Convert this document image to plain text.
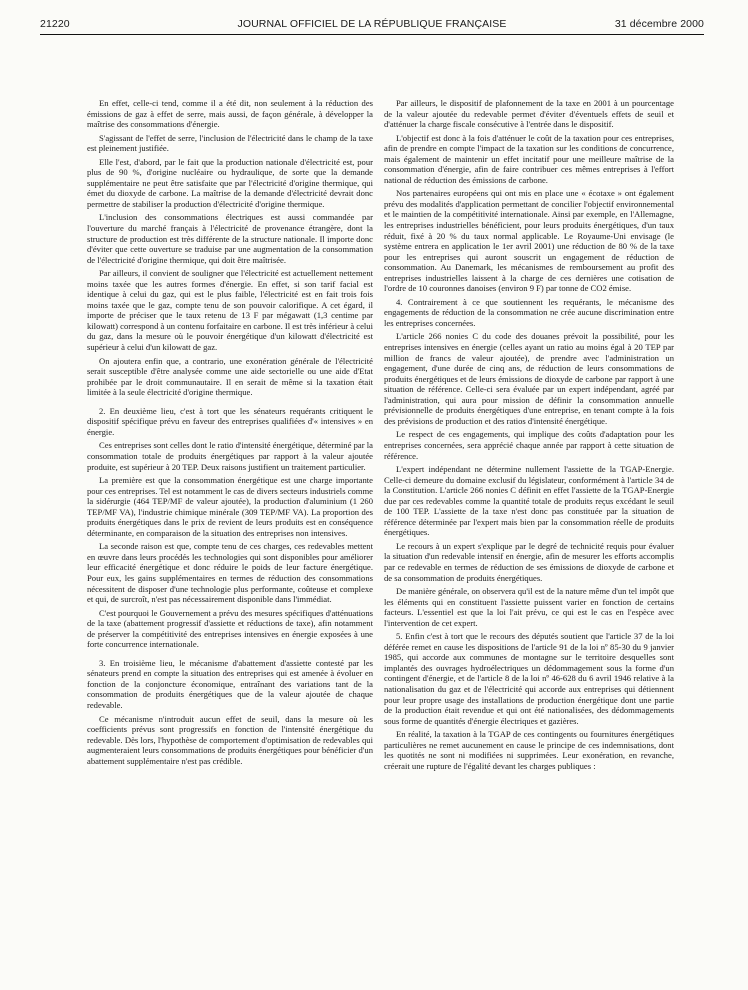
21220	JOURNAL OFFICIEL DE LA RÉPUBLIQUE FRANÇAISE	31 décembre 2000

En effet, celle-ci tend, comme il a été dit, non seulement à la réduction des émissions de gaz à effet de serre, mais aussi, de façon générale, à développer la maîtrise des consommations d'énergie.

S'agissant de l'effet de serre, l'inclusion de l'électricité dans le champ de la taxe est pleinement justifiée.

Elle l'est, d'abord, par le fait que la production nationale d'électricité est, pour plus de 90 %, d'origine nucléaire ou hydraulique, de sorte que la demande supplémentaire ne peut être satisfaite que par l'électricité d'origine thermique, qui émet du dioxyde de carbone. La maîtrise de la demande d'électricité devrait donc permettre de stabiliser la production d'électricité d'origine thermique.

L'inclusion des consommations électriques est aussi commandée par l'ouverture du marché français à l'électricité de provenance étrangère, dont la structure de production est très différente de la structure nationale. Il importe donc d'éviter que cette ouverture se traduise par une augmentation de la consommation de l'électricité d'origine thermique, qui doit être maîtrisée.

Par ailleurs, il convient de souligner que l'électricité est actuellement nettement moins taxée que les autres formes d'énergie. En effet, si son tarif facial est identique à celui du gaz, qui est le plus faible, l'électricité est en fait trois fois moins taxée que le gaz, compte tenu de son pouvoir calorifique. A cet égard, il importe de préciser que le taux retenu de 13 F par mégawatt (1,3 centime par kilowatt) correspond à un contenu forfaitaire en carbone. Il est très inférieur à celui du gaz, dans la mesure où le pouvoir énergétique d'un kilowatt d'électricité est supérieur à celui d'un kilowatt de gaz.

On ajoutera enfin que, a contrario, une exonération générale de l'électricité serait susceptible d'être analysée comme une aide sectorielle ou une aide d'Etat prohibée par le droit communautaire. Il en serait de même si la taxation était limitée à la seule électricité d'origine thermique.

2. En deuxième lieu, c'est à tort que les sénateurs requérants critiquent le dispositif spécifique prévu en faveur des entreprises qualifiées d'« intensives » en énergie.

Ces entreprises sont celles dont le ratio d'intensité énergétique, déterminé par la consommation totale de produits énergétiques par rapport à la valeur ajoutée produite, est supérieur à 20 TEP. Deux raisons justifient un traitement particulier.

La première est que la consommation énergétique est une charge importante pour ces entreprises. Tel est notamment le cas de divers secteurs industriels comme la sidérurgie (464 TEP/MF de valeur ajoutée), la production d'aluminium (1 260 TEP/MF VA), l'industrie chimique minérale (309 TEP/MF VA). La proportion des produits énergétiques dans le prix de revient de leurs produits est en conséquence déterminante, en comparaison de la situation des entreprises non intensives.

La seconde raison est que, compte tenu de ces charges, ces redevables mettent en œuvre dans leurs procédés les technologies qui sont disponibles pour améliorer leur efficacité énergétique et donc réduire le poids de leur facture énergétique. Pour eux, les gains supplémentaires en termes de réduction des consommations nécessitent de disposer d'une technologie plus performante, coûteuse et complexe et qui, de surcroît, n'est pas nécessairement disponible dans l'immédiat.

C'est pourquoi le Gouvernement a prévu des mesures spécifiques d'atténuations de la taxe (abattement progressif d'assiette et réductions de taxe), afin notamment de préserver la compétitivité des entreprises intensives en énergie exposées à une forte concurrence internationale.

3. En troisième lieu, le mécanisme d'abattement d'assiette contesté par les sénateurs prend en compte la situation des entreprises qui est amenée à évoluer en fonction de la conjoncture économique, entraînant des variations tant de la consommation de produits énergétiques que de la valeur ajoutée de chaque redevable.

Ce mécanisme n'introduit aucun effet de seuil, dans la mesure où les coefficients prévus sont progressifs en fonction de l'intensité énergétique du redevable. Dès lors, l'hypothèse de comportement d'optimisation de redevables qui augmenteraient leurs consommations de produits énergétiques pour bénéficier d'un abattement supplémentaire n'est pas crédible.

Par ailleurs, le dispositif de plafonnement de la taxe en 2001 à un pourcentage de la valeur ajoutée du redevable permet d'éviter d'éventuels effets de seuil et d'atténuer la charge fiscale consécutive à l'entrée dans le dispositif.

L'objectif est donc à la fois d'atténuer le coût de la taxation pour ces entreprises, afin de prendre en compte l'impact de la taxation sur les conditions de concurrence, mais également de maintenir un effet incitatif pour une meilleure maîtrise de la consommation d'énergie, afin de faire contribuer ces mêmes entreprises à l'effort national de réduction des émissions de carbone.

Nos partenaires européens qui ont mis en place une « écotaxe » ont également prévu des modalités d'application permettant de concilier l'objectif environnemental et le maintien de la compétitivité internationale. Ainsi par exemple, en l'Allemagne, les entreprises industrielles bénéficient, pour leurs produits énergétiques, d'un taux réduit, fixé à 20 % du taux normal applicable. Le Royaume-Uni envisage (le système entrera en application le 1er avril 2001) une réduction de 80 % de la taxe pour les entreprises qui auront souscrit un engagement de réduction de consommation. Au Danemark, les mécanismes de remboursement au profit des entreprises industrielles laissent à la charge de ces dernières une cotisation de l'ordre de 10 couronnes danoises (environ 9 F) par tonne de CO2 émise.

4. Contrairement à ce que soutiennent les requérants, le mécanisme des engagements de réduction de la consommation ne crée aucune discrimination entre les entreprises concernées.

L'article 266 nonies C du code des douanes prévoit la possibilité, pour les entreprises intensives en énergie (celles ayant un ratio au moins égal à 20 TEP par million de francs de valeur ajoutée), de prendre avec l'administration un engagement, d'une durée de cinq ans, de réduction de leurs consommations de produits énergétiques et de leurs émissions de dioxyde de carbone par rapport à une situation de référence. Celle-ci sera évaluée par un expert indépendant, agréé par l'administration, qui aura pour mission de définir la consommation annuelle prévisionnelle de produits énergétiques d'une entreprise, en tenant compte à la fois des prévisions de production et des ratios d'intensité énergétique.

Le respect de ces engagements, qui implique des coûts d'adaptation pour les entreprises concernées, sera apprécié chaque année par rapport à cette situation de référence.

L'expert indépendant ne détermine nullement l'assiette de la TGAP-Energie. Celle-ci demeure du domaine exclusif du législateur, conformément à l'article 34 de la Constitution. L'article 266 nonies C définit en effet l'assiette de la TGAP-Energie due par ces redevables comme la quantité totale de produits reçus excédant le seuil de 100 TEP. L'assiette de la taxe n'est donc pas constituée par la situation de référence déterminée par l'expert mais bien par la consommation réelle de produits énergétiques.

Le recours à un expert s'explique par le degré de technicité requis pour évaluer la situation d'un redevable intensif en énergie, afin de mesurer les efforts accomplis par ce redevable en termes de réduction de ses émissions de dioxyde de carbone et de sa consommation de produits énergétiques.

De manière générale, on observera qu'il est de la nature même d'un tel impôt que les éléments qui en constituent l'assiette puissent varier en fonction de certains facteurs. L'essentiel est que la loi l'ait prévu, ce qui est le cas en l'espèce avec l'intervention de cet expert.

5. Enfin c'est à tort que le recours des députés soutient que l'article 37 de la loi déférée remet en cause les dispositions de l'article 91 de la loi nº 85-30 du 9 janvier 1985, qui accorde aux communes de montagne sur le territoire desquelles sont implantés des ouvrages hydroélectriques un dédommagement sous la forme d'un contingent d'énergie, et de l'article 8 de la loi nº 46-628 du 6 avril 1946 relative à la nationalisation du gaz et de l'électricité qui accorde aux entreprises qui détiennent pour leur propre usage des installations de production énergétique dont une partie de la production était revendue et qui ont été nationalisées, des dédommagements sous forme de quantités d'énergie électriques et gazières.

En réalité, la taxation à la TGAP de ces contingents ou fournitures énergétiques particulières ne remet aucunement en cause le principe de ces indemnisations, dont les quotités ne sont ni modifiées ni supprimées. Leur exonération, en revanche, créerait une rupture de l'égalité devant les charges publiques :
